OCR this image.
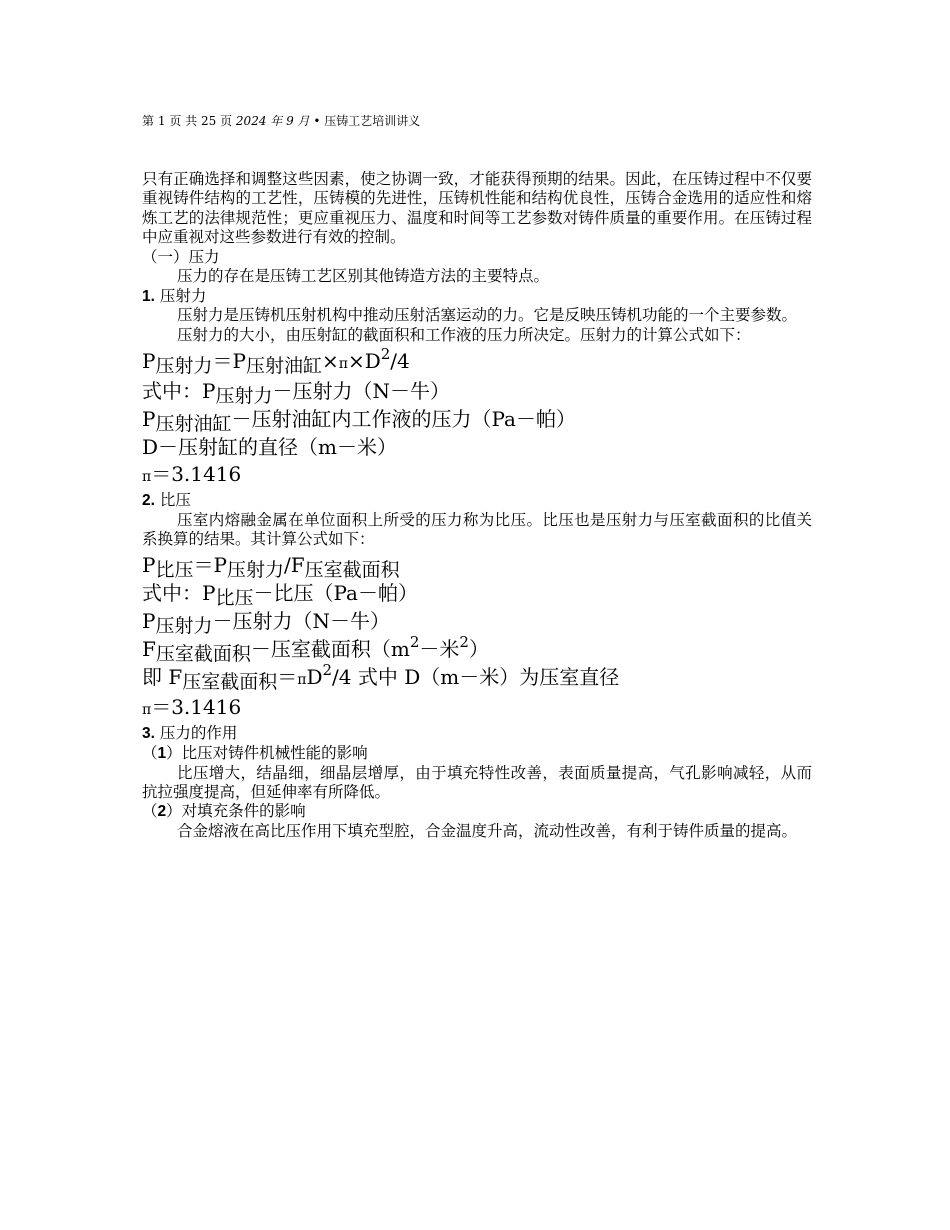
第 1 页 共 25 页 2024 年 9 月 • 压铸工艺培训讲义

只有正确选择和调整这些因素，使之协调一致，才能获得预期的结果。因此，在压铸过程中不仅要重视铸件结构的工艺性，压铸模的先进性，压铸机性能和结构优良性，压铸合金选用的适应性和熔炼工艺的法律规范性；更应重视压力、温度和时间等工艺参数对铸件质量的重要作用。在压铸过程中应重视对这些参数进行有效的控制。

（一）压力

压力的存在是压铸工艺区别其他铸造方法的主要特点。

1. 压射力

压射力是压铸机压射机构中推动压射活塞运动的力。它是反映压铸机功能的一个主要参数。

压射力的大小，由压射缸的截面积和工作液的压力所决定。压射力的计算公式如下：

P压射力＝P压射油缸$\times\pi\times D^2/4$
式中：P压射力－压射力（N－牛）
P压射油缸－压射油缸内工作液的压力（Pa－帕）
D－压射缸的直径（m－米）
π＝3.1416

2. 比压

压室内熔融金属在单位面积上所受的压力称为比压。比压也是压射力与压室截面积的比值关系换算的结果。其计算公式如下：

P比压＝P压射力/F压室截面积
式中：P比压－比压（Pa－帕）
P压射力－压射力（N－牛）
F压室截面积－压室截面积（$m^2-$米$^2$）
即 F压室截面积$=\pi D^2/4$ 式中 D（m－米）为压室直径
π＝3.1416

3. 压力的作用

（1）比压对铸件机械性能的影响

比压增大，结晶细，细晶层增厚，由于填充特性改善，表面质量提高，气孔影响减轻，从而抗拉强度提高，但延伸率有所降低。

（2）对填充条件的影响

合金熔液在高比压作用下填充型腔，合金温度升高，流动性改善，有利于铸件质量的提高。
